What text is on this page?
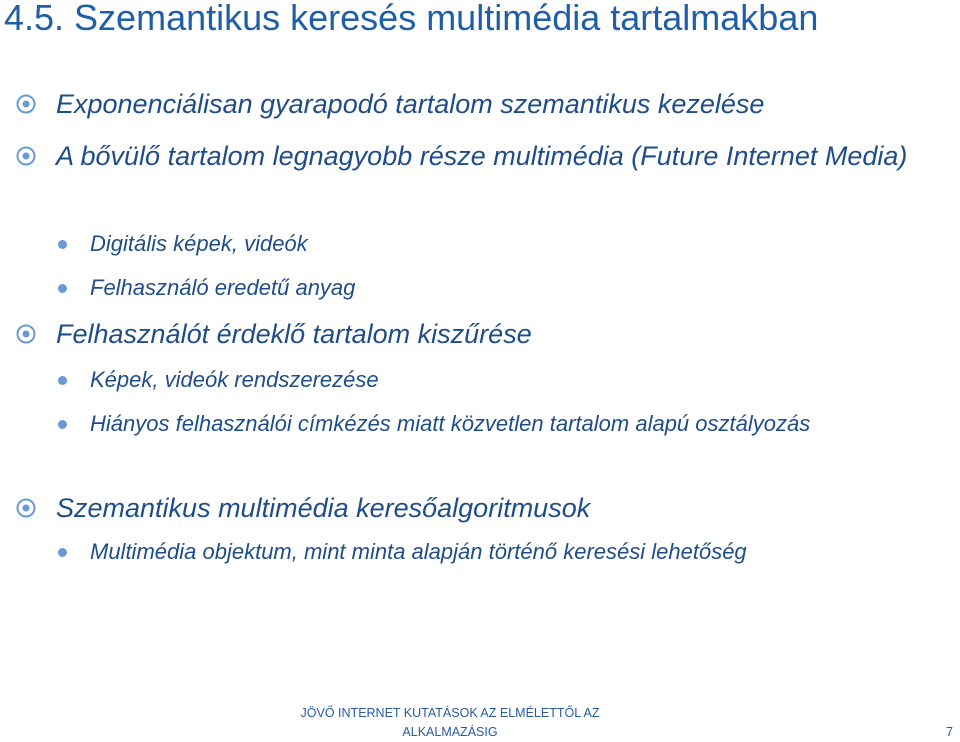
4.5. Szemantikus keresés multimédia tartalmakban
Exponenciálisan gyarapodó tartalom szemantikus kezelése
A bővülő tartalom legnagyobb része multimédia (Future Internet Media)
Digitális képek, videók
Felhasználó eredetű anyag
Felhasználót érdeklő tartalom kiszűrése
Képek, videók rendszerezése
Hiányos felhasználói címkézés miatt közvetlen tartalom alapú osztályozás
Szemantikus multimédia keresőalgoritmusok
Multimédia objektum, mint minta alapján történő keresési lehetőség
JÖVŐ INTERNET KUTATÁSOK AZ ELMÉLETTŐL AZ
ALKALMAZÁSIG	7
